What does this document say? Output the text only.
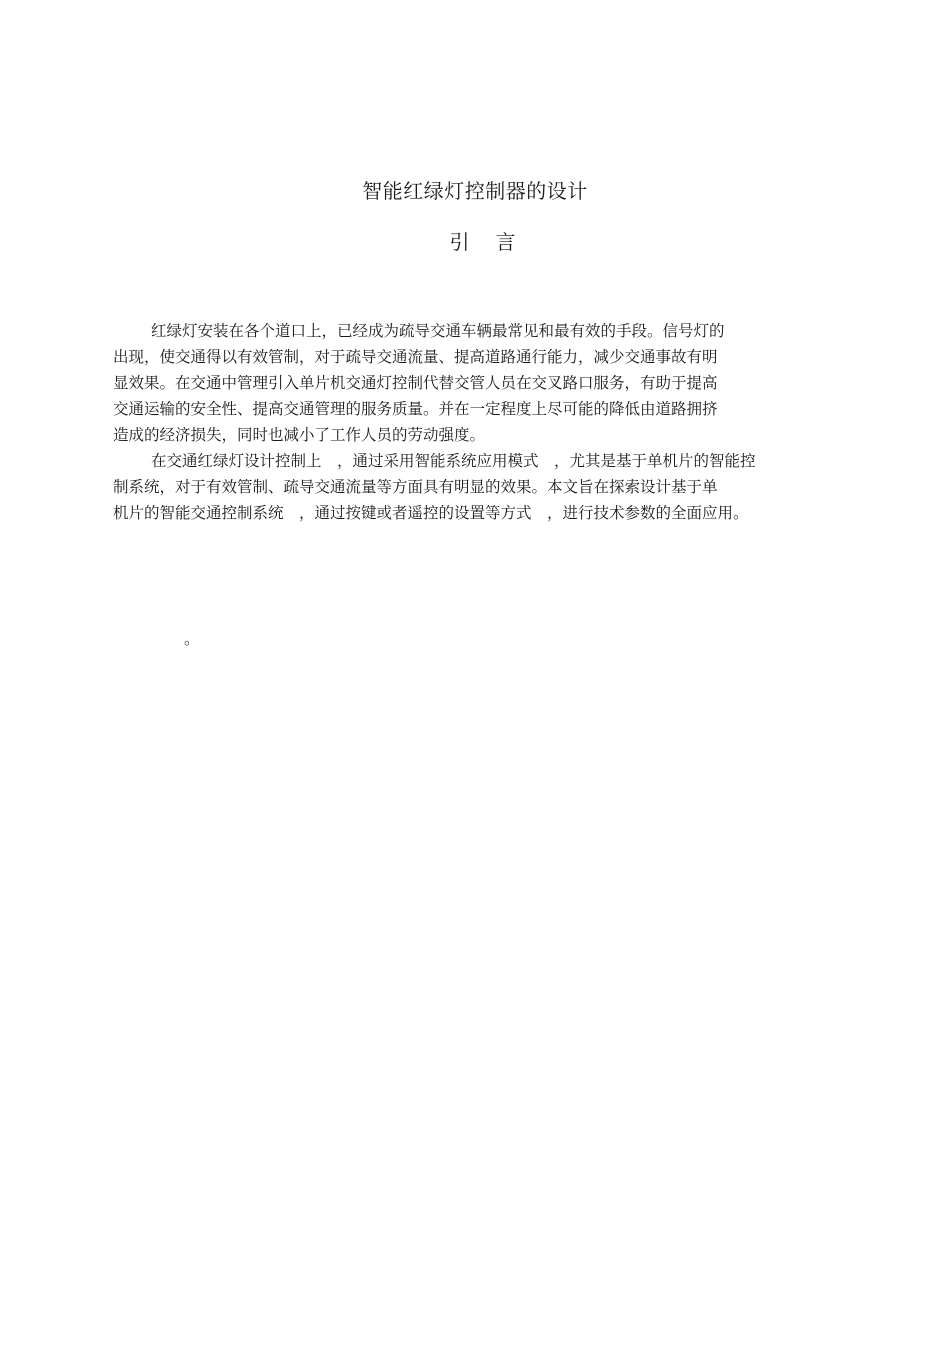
智能红绿灯控制器的设计
引 言
红绿灯安装在各个道口上，已经成为疏导交通车辆最常见和最有效的手段。信号灯的
出现，使交通得以有效管制，对于疏导交通流量、提高道路通行能力，减少交通事故有明
显效果。在交通中管理引入单片机交通灯控制代替交管人员在交叉路口服务，有助于提高
交通运输的安全性、提高交通管理的服务质量。并在一定程度上尽可能的降低由道路拥挤
造成的经济损失，同时也减小了工作人员的劳动强度。
在交通红绿灯设计控制上　，通过采用智能系统应用模式　，尤其是基于单机片的智能控
制系统，对于有效管制、疏导交通流量等方面具有明显的效果。本文旨在探索设计基于单
机片的智能交通控制系统　，通过按键或者遥控的设置等方式　，进行技术参数的全面应用。
。
